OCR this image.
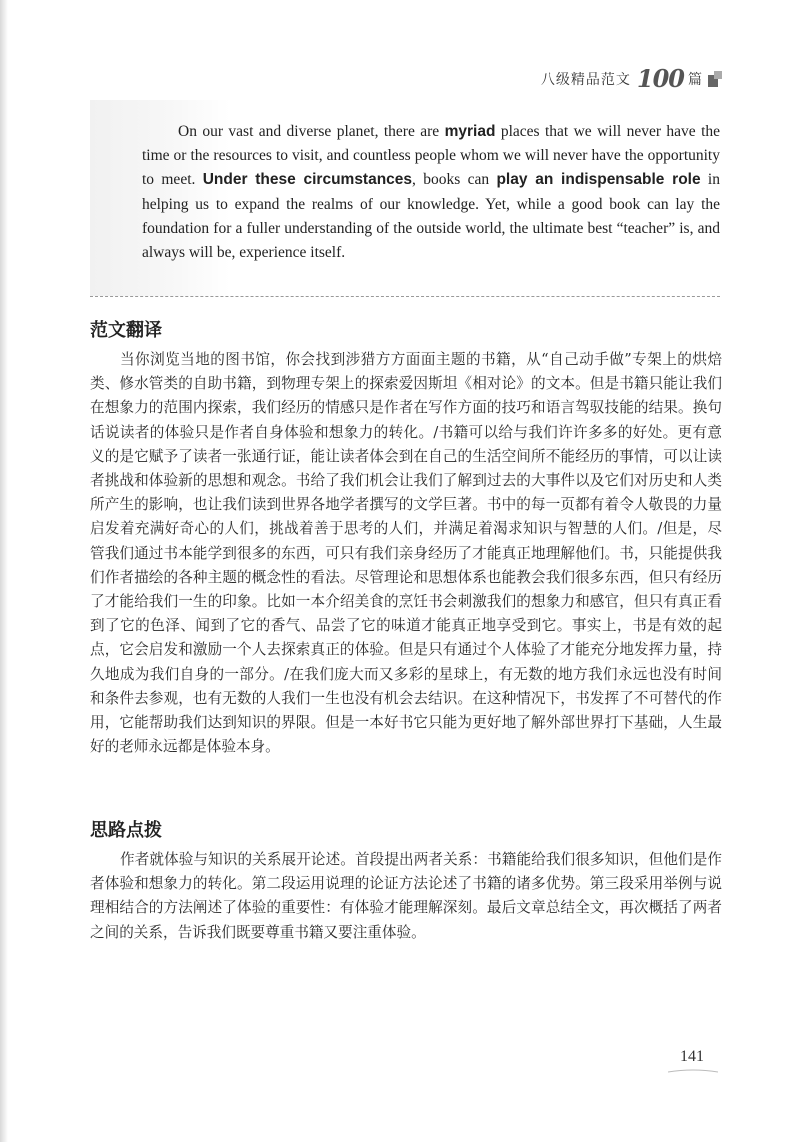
八级精品范文 100 篇

On our vast and diverse planet, there are myriad places that we will never have the time or the resources to visit, and countless people whom we will never have the opportunity to meet. Under these circumstances, books can play an indispensable role in helping us to expand the realms of our knowledge. Yet, while a good book can lay the foundation for a fuller understanding of the outside world, the ultimate best “teacher” is, and always will be, experience itself.

范文翻译

当你浏览当地的图书馆，你会找到涉猎方方面面主题的书籍，从“自己动手做”专架上的烘焙类、修水管类的自助书籍，到物理专架上的探索爱因斯坦《相对论》的文本。但是书籍只能让我们在想象力的范围内探索，我们经历的情感只是作者在写作方面的技巧和语言驾驭技能的结果。换句话说读者的体验只是作者自身体验和想象力的转化。/书籍可以给与我们许许多多的好处。更有意义的是它赋予了读者一张通行证，能让读者体会到在自己的生活空间所不能经历的事情，可以让读者挑战和体验新的思想和观念。书给了我们机会让我们了解到过去的大事件以及它们对历史和人类所产生的影响，也让我们读到世界各地学者撰写的文学巨著。书中的每一页都有着令人敬畏的力量启发着充满好奇心的人们，挑战着善于思考的人们，并满足着渴求知识与智慧的人们。/但是，尽管我们通过书本能学到很多的东西，可只有我们亲身经历了才能真正地理解他们。书，只能提供我们作者描绘的各种主题的概念性的看法。尽管理论和思想体系也能教会我们很多东西，但只有经历了才能给我们一生的印象。比如一本介绍美食的烹饪书会刺激我们的想象力和感官，但只有真正看到了它的色泽、闻到了它的香气、品尝了它的味道才能真正地享受到它。事实上，书是有效的起点，它会启发和激励一个人去探索真正的体验。但是只有通过个人体验了才能充分地发挥力量，持久地成为我们自身的一部分。/在我们庞大而又多彩的星球上，有无数的地方我们永远也没有时间和条件去参观，也有无数的人我们一生也没有机会去结识。在这种情况下，书发挥了不可替代的作用，它能帮助我们达到知识的界限。但是一本好书它只能为更好地了解外部世界打下基础，人生最好的老师永远都是体验本身。

思路点拨

作者就体验与知识的关系展开论述。首段提出两者关系：书籍能给我们很多知识，但他们是作者体验和想象力的转化。第二段运用说理的论证方法论述了书籍的诸多优势。第三段采用举例与说理相结合的方法阐述了体验的重要性：有体验才能理解深刻。最后文章总结全文，再次概括了两者之间的关系，告诉我们既要尊重书籍又要注重体验。

141
